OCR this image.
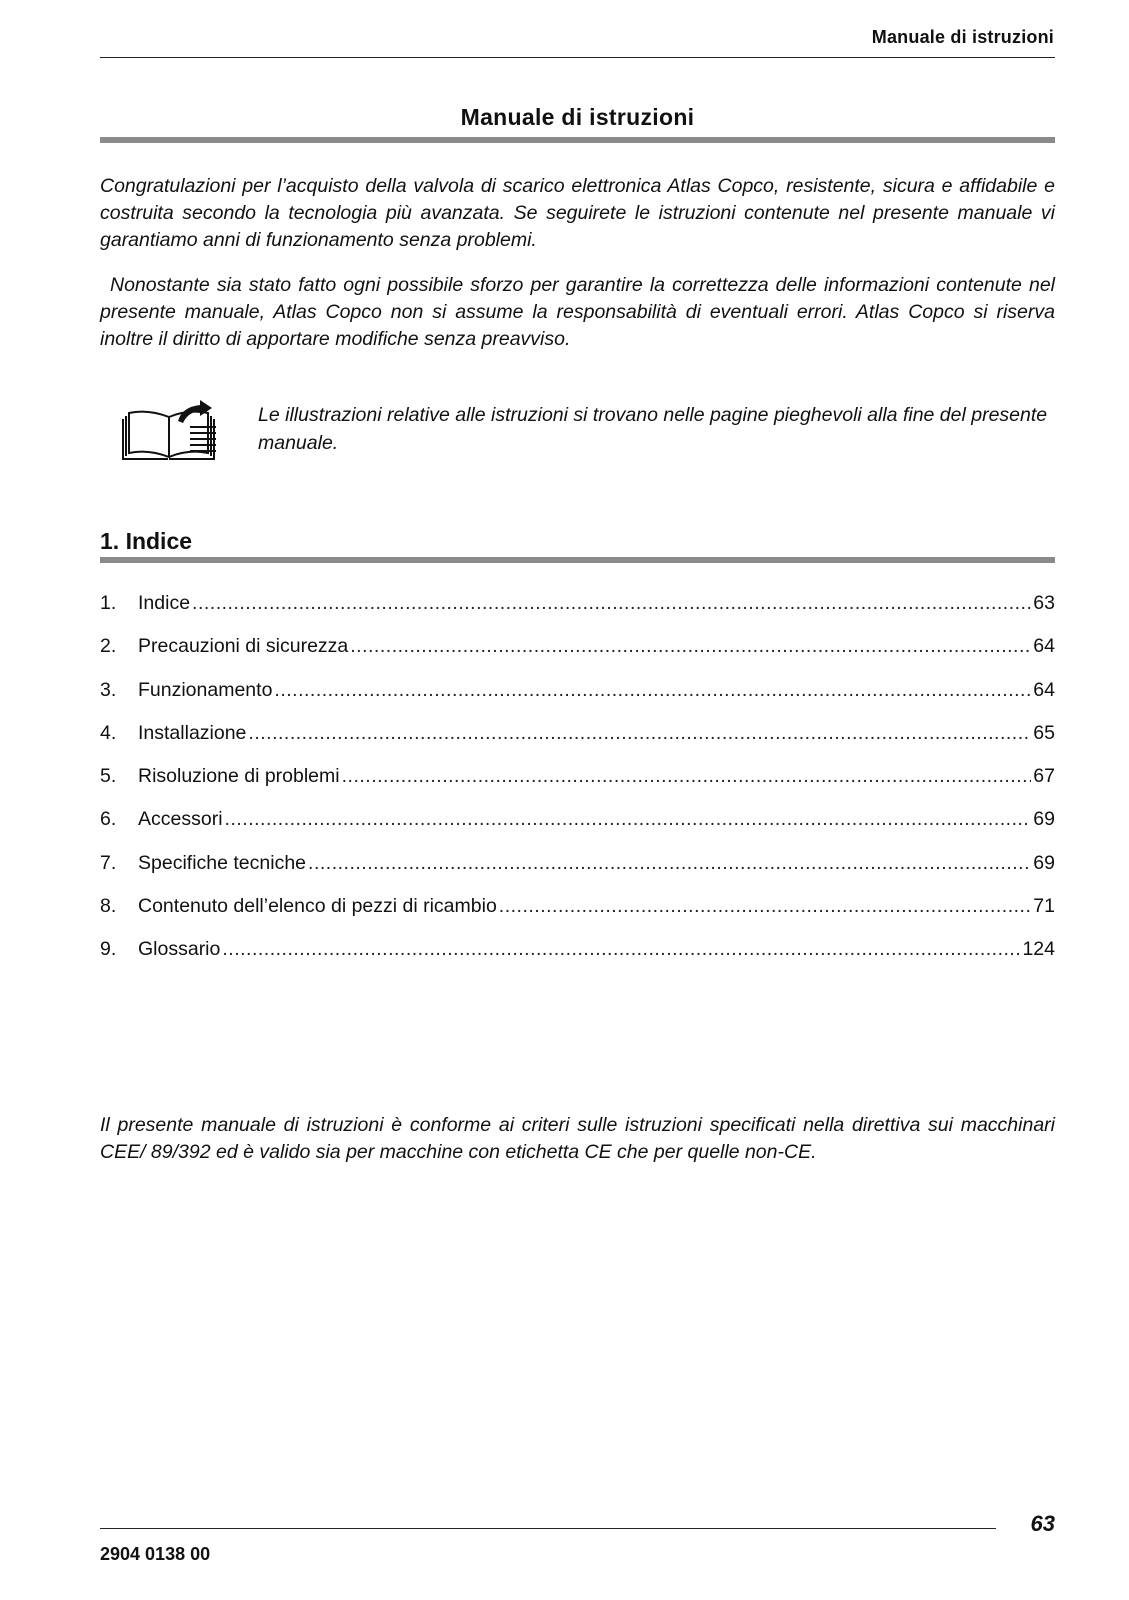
Manuale di istruzioni
Manuale di istruzioni
Congratulazioni per l’acquisto della valvola di scarico elettronica Atlas Copco, resistente, sicura e affidabile e costruita secondo la tecnologia più avanzata. Se seguirete le istruzioni contenute nel presente manuale vi garantiamo anni di funzionamento senza problemi.
Nonostante sia stato fatto ogni possibile sforzo per garantire la correttezza delle informazioni contenute nel presente manuale, Atlas Copco non si assume la responsabilità di eventuali errori. Atlas Copco si riserva inoltre il diritto di apportare modifiche senza preavviso.
Le illustrazioni relative alle istruzioni si trovano nelle pagine pieghevoli alla fine del presente manuale.
1. Indice
1.	Indice .....	63
2.	Precauzioni di sicurezza .....	64
3.	Funzionamento .....	64
4.	Installazione .....	65
5.	Risoluzione di problemi .....	67
6.	Accessori .....	69
7.	Specifiche tecniche .....	69
8.	Contenuto dell’elenco di pezzi di ricambio .....	71
9.	Glossario .....	124
Il presente manuale di istruzioni è conforme ai criteri sulle istruzioni specificati nella direttiva sui macchinari CEE/ 89/392 ed è valido sia per macchine con etichetta CE che per quelle non-CE.
63
2904 0138 00
